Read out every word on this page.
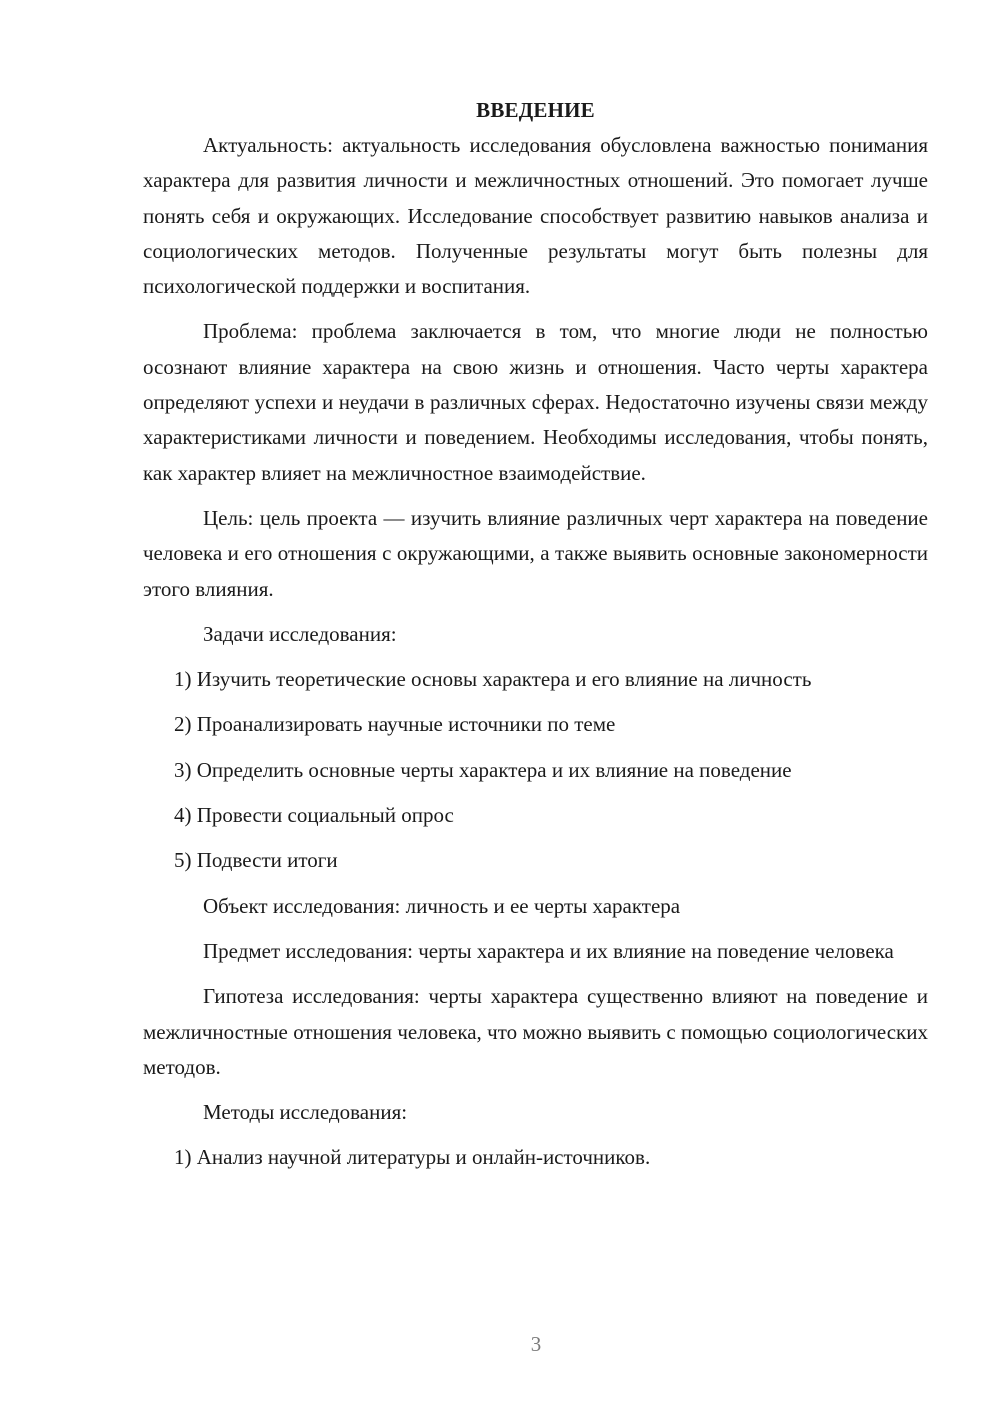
ВВЕДЕНИЕ

Актуальность: актуальность исследования обусловлена важностью понимания характера для развития личности и межличностных отношений. Это помогает лучше понять себя и окружающих. Исследование способствует развитию навыков анализа и социологических методов. Полученные результаты могут быть полезны для психологической поддержки и воспитания.

Проблема: проблема заключается в том, что многие люди не полностью осознают влияние характера на свою жизнь и отношения. Часто черты характера определяют успехи и неудачи в различных сферах. Недостаточно изучены связи между характеристиками личности и поведением. Необходимы исследования, чтобы понять, как характер влияет на межличностное взаимодействие.

Цель: цель проекта — изучить влияние различных черт характера на поведение человека и его отношения с окружающими, а также выявить основные закономерности этого влияния.

Задачи исследования:

1) Изучить теоретические основы характера и его влияние на личность

2) Проанализировать научные источники по теме

3) Определить основные черты характера и их влияние на поведение

4) Провести социальный опрос

5) Подвести итоги

Объект исследования: личность и ее черты характера

Предмет исследования: черты характера и их влияние на поведение человека

Гипотеза исследования: черты характера существенно влияют на поведение и межличностные отношения человека, что можно выявить с помощью социологических методов.

Методы исследования:

1) Анализ научной литературы и онлайн-источников.

3
